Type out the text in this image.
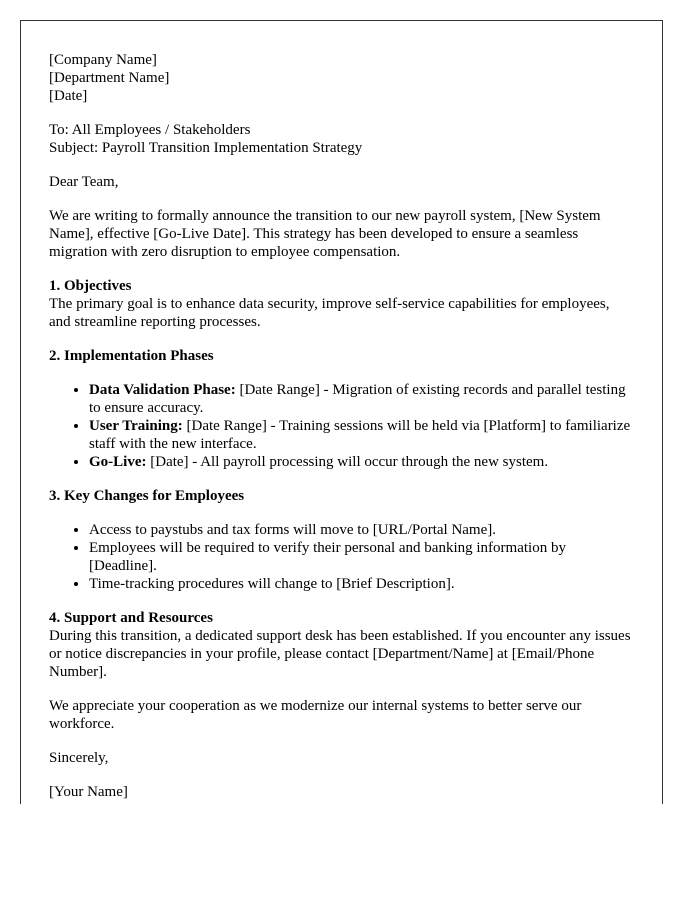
[Company Name]
[Department Name]
[Date]

To: All Employees / Stakeholders
Subject: Payroll Transition Implementation Strategy

Dear Team,

We are writing to formally announce the transition to our new payroll system, [New System Name], effective [Go-Live Date]. This strategy has been developed to ensure a seamless migration with zero disruption to employee compensation.

1. Objectives

The primary goal is to enhance data security, improve self-service capabilities for employees, and streamline reporting processes.

2. Implementation Phases
• Data Validation Phase: [Date Range] - Migration of existing records and parallel testing to ensure accuracy.
• User Training: [Date Range] - Training sessions will be held via [Platform] to familiarize staff with the new interface.
• Go-Live: [Date] - All payroll processing will occur through the new system.
3. Key Changes for Employees
• Access to paystubs and tax forms will move to [URL/Portal Name].
• Employees will be required to verify their personal and banking information by [Deadline].
• Time-tracking procedures will change to [Brief Description].
4. Support and Resources

During this transition, a dedicated support desk has been established. If you encounter any issues or notice discrepancies in your profile, please contact [Department/Name] at [Email/Phone Number].

We appreciate your cooperation as we modernize our internal systems to better serve our workforce.

Sincerely,

[Your Name]
